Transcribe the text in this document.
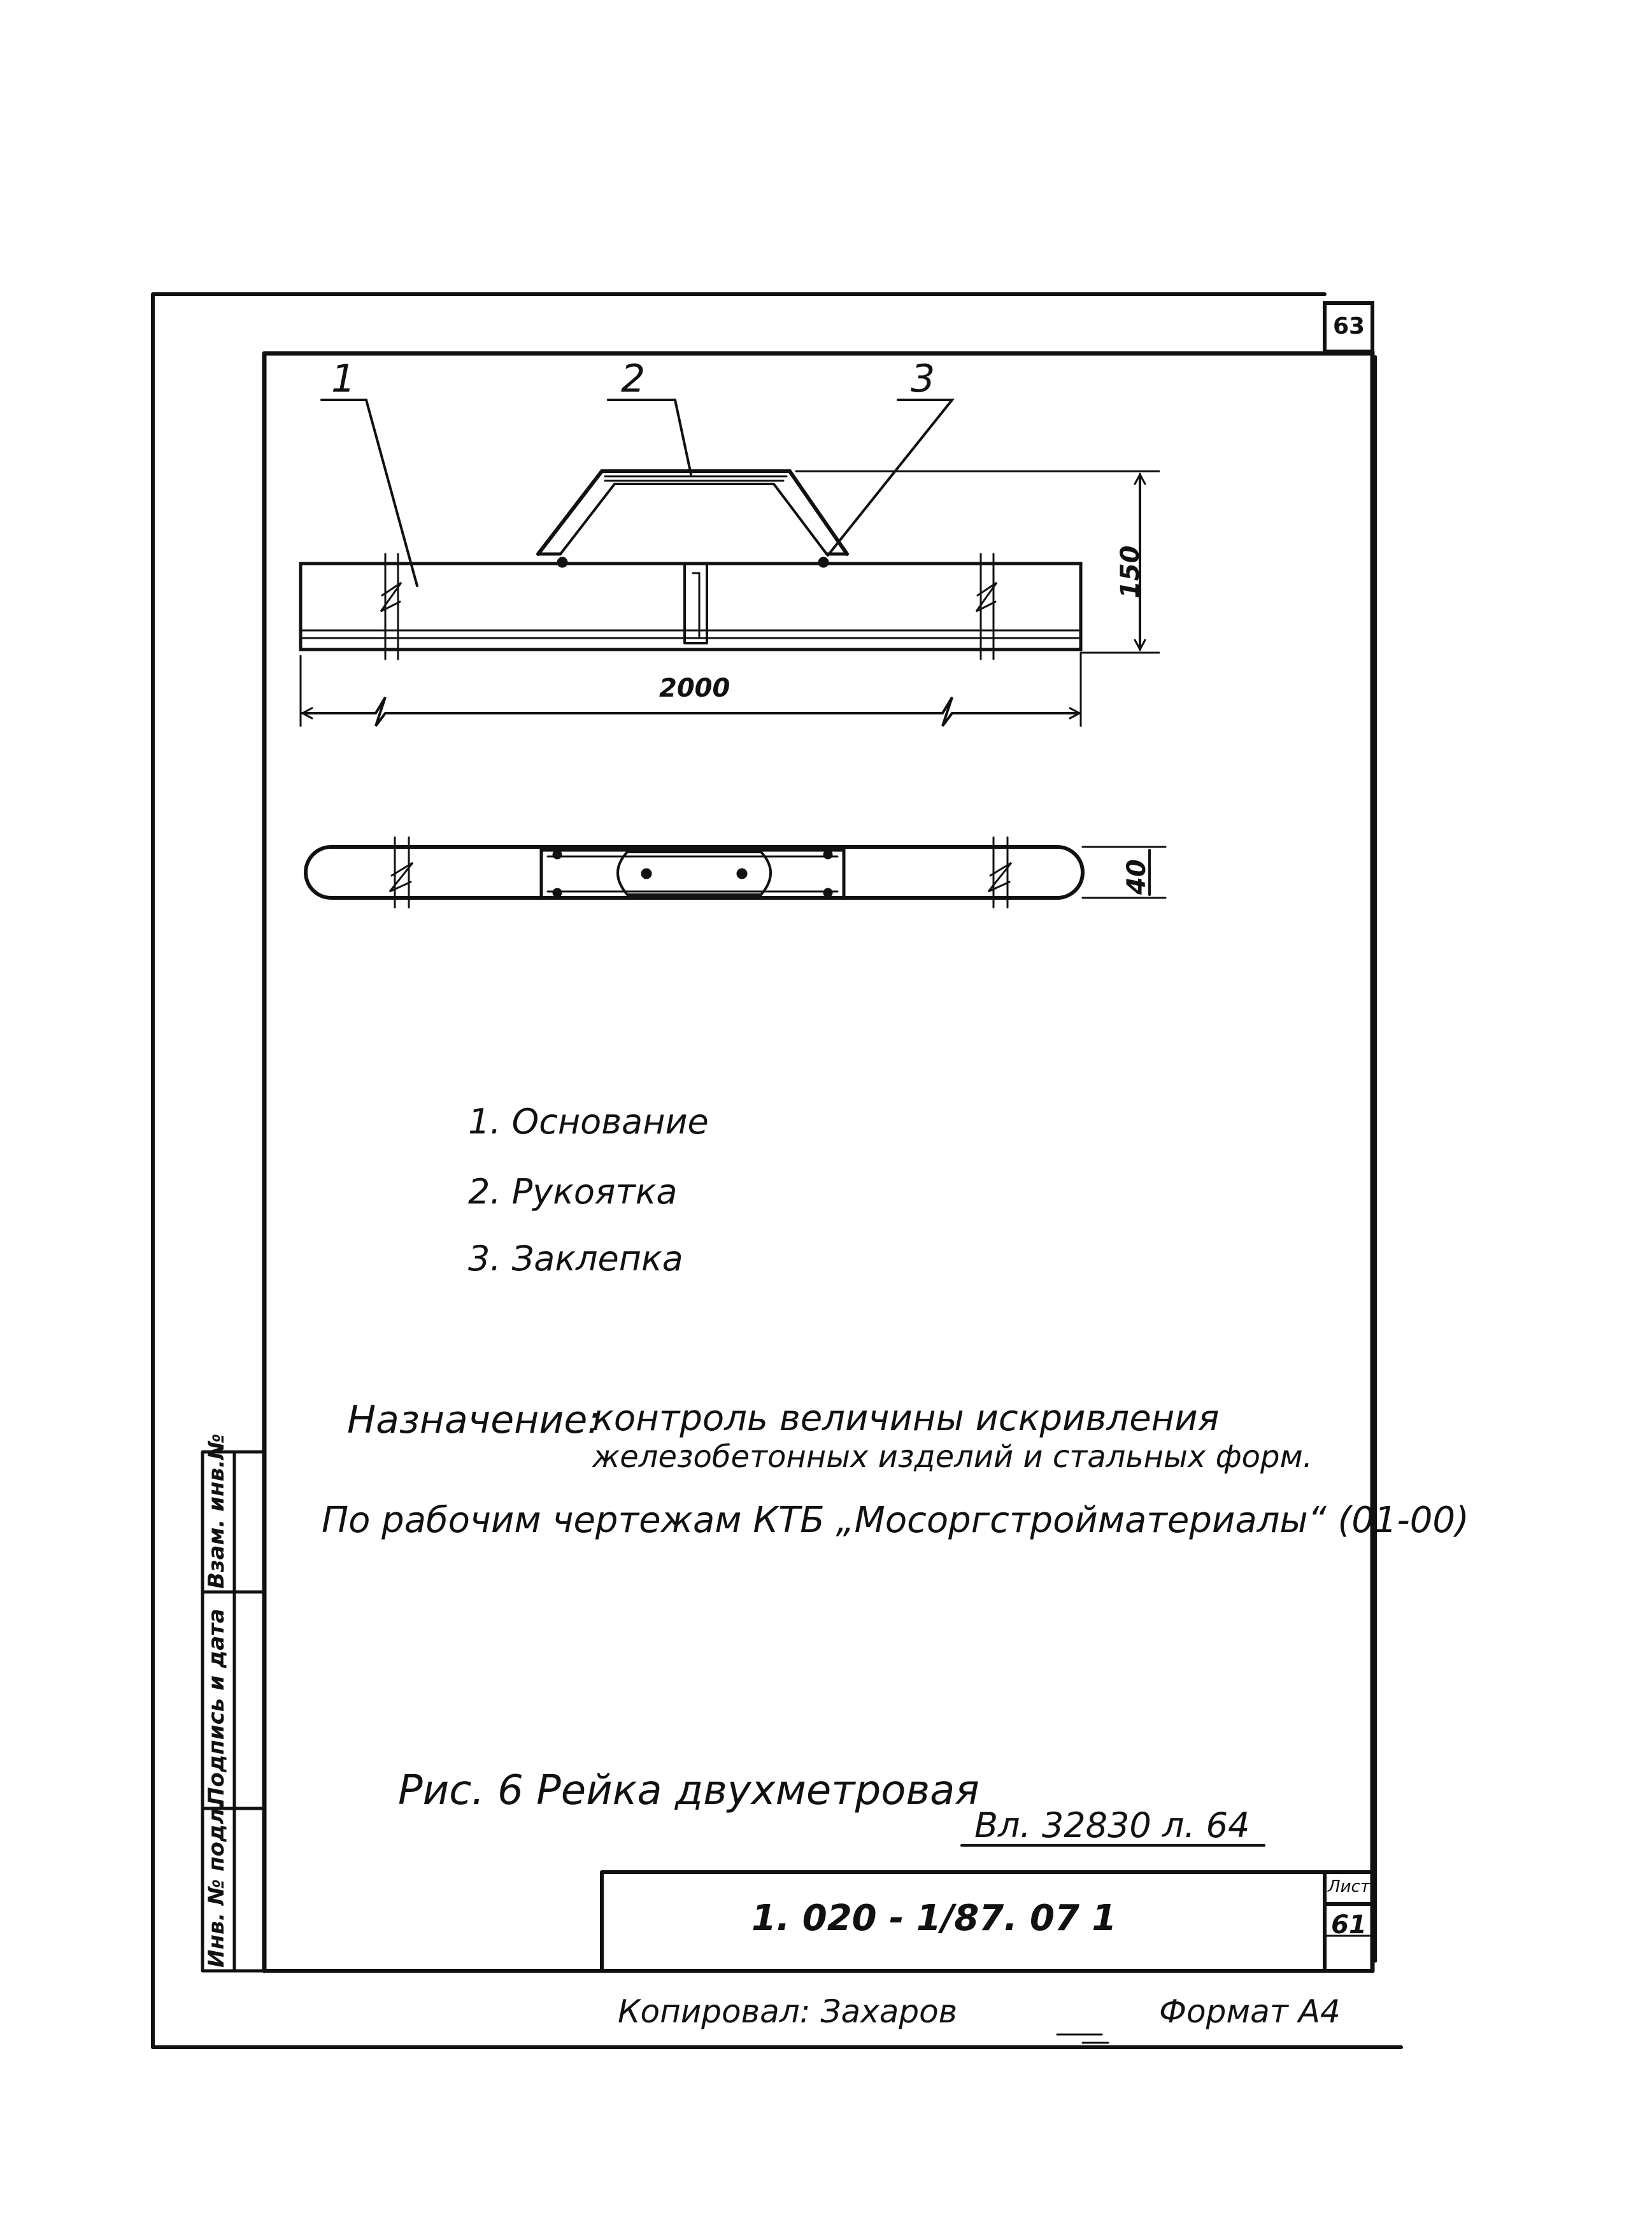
63
1	2	3
2000
150
40
1. Основание
2. Рукоятка
3. Заклепка
Назначение:
контроль величины искривления
железобетонных изделий и стальных форм.
По рабочим чертежам КТБ „Мосоргстройматериалы“ (01-00)
Рис. 6 Рейка двухметровая
Вл. 32830 л. 64
1. 020 - 1/87. 07 1
Лист
61
Взам. инв.№
Подпись и дата
Инв. № подл.
Копировал: Захаров	Формат А4
